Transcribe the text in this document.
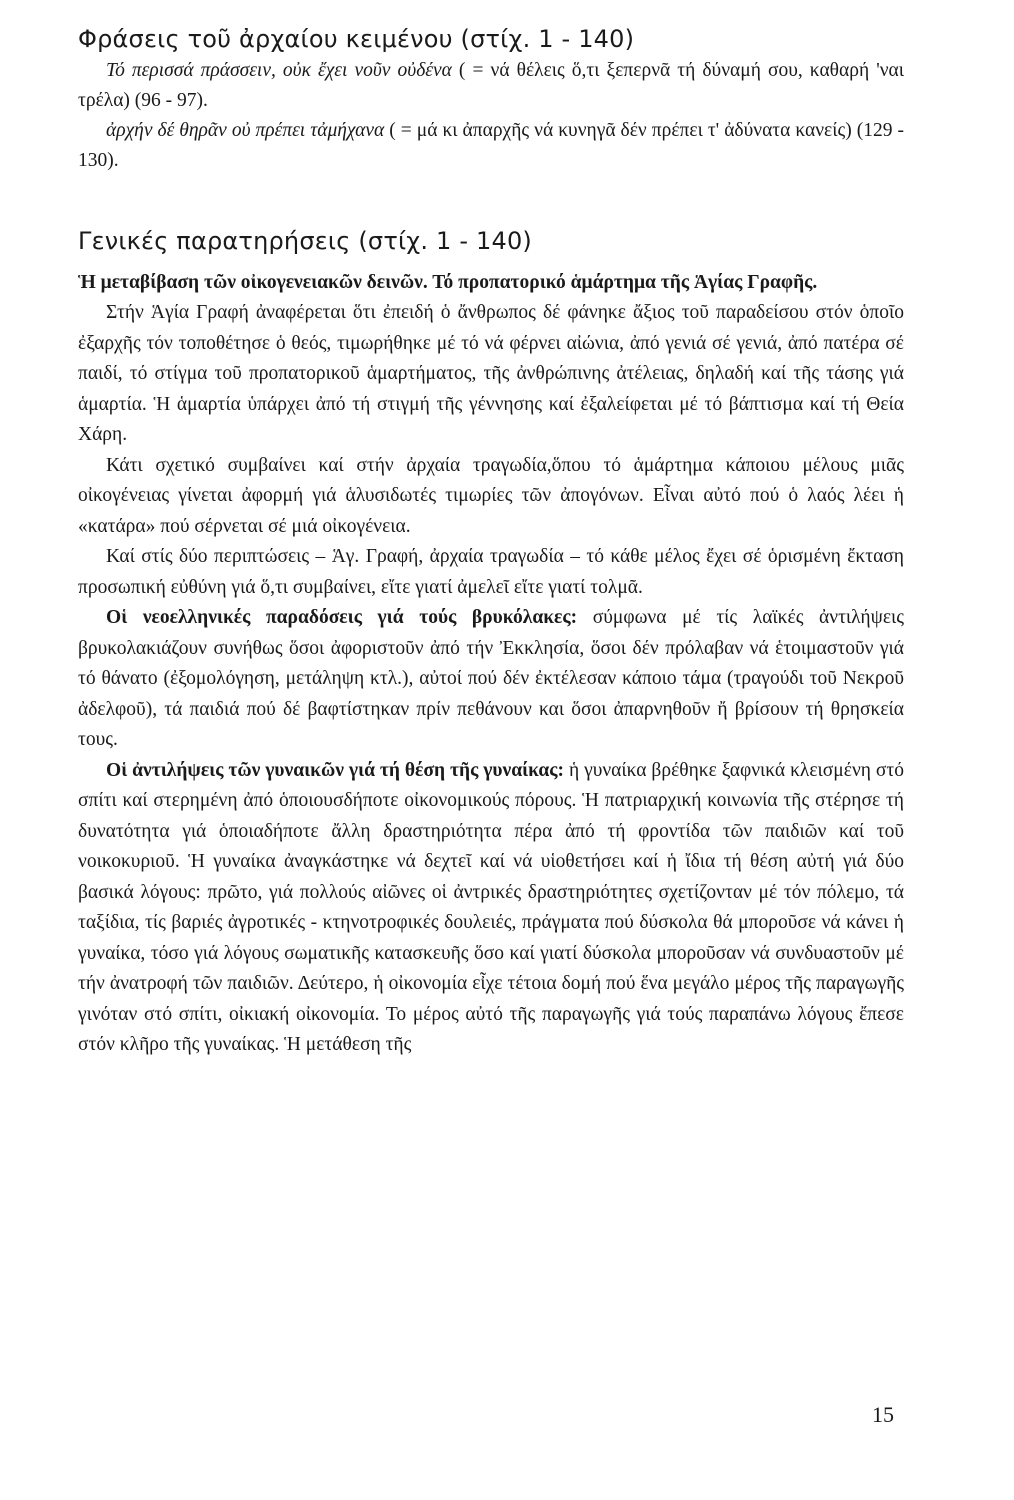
Φράσεις τοῦ ἀρχαίου κειμένου (στίχ. 1 - 140)

Τό περισσά πράσσειν, οὐκ ἔχει νοῦν οὐδένα ( = νά θέλεις ὅ,τι ξεπερνᾶ τή δύναμή σου, καθαρή 'ναι τρέλα) (96 - 97).

ἀρχήν δέ θηρᾶν οὐ πρέπει τἀμήχανα ( = μά κι ἀπαρχῆς νά κυνηγᾶ δέν πρέπει τ' ἀδύνατα κανείς) (129 - 130).

Γενικές παρατηρήσεις (στίχ. 1 - 140)

Ἡ μεταβίβαση τῶν οἰκογενειακῶν δεινῶν. Τό προπατορικό ἁμάρτημα τῆς Ἁγίας Γραφῆς.

Στήν Ἁγία Γραφή ἀναφέρεται ὅτι ἐπειδή ὁ ἄνθρωπος δέ φάνηκε ἄξιος τοῦ παραδείσου στόν ὁποῖο ἐξαρχῆς τόν τοποθέτησε ὁ θεός, τιμωρήθηκε μέ τό νά φέρνει αἰώνια, ἀπό γενιά σέ γενιά, ἀπό πατέρα σέ παιδί, τό στίγμα τοῦ προπατορικοῦ ἁμαρτήματος, τῆς ἀνθρώπινης ἀτέλειας, δηλαδή καί τῆς τάσης γιά ἁμαρτία. Ἡ ἁμαρτία ὑπάρχει ἀπό τή στιγμή τῆς γέννησης καί ἐξαλείφεται μέ τό βάπτισμα καί τή Θεία Χάρη.

Κάτι σχετικό συμβαίνει καί στήν ἀρχαία τραγωδία,ὅπου τό ἁμάρτημα κάποιου μέλους μιᾶς οἰκογένειας γίνεται ἀφορμή γιά ἁλυσιδωτές τιμωρίες τῶν ἀπογόνων. Εἶναι αὐτό πού ὁ λαός λέει ἡ «κατάρα» πού σέρνεται σέ μιά οἰκογένεια.

Καί στίς δύο περιπτώσεις – Ἁγ. Γραφή, ἀρχαία τραγωδία – τό κάθε μέλος ἔχει σέ ὁρισμένη ἔκταση προσωπική εὐθύνη γιά ὅ,τι συμβαίνει, εἴτε γιατί ἀμελεῖ εἴτε γιατί τολμᾶ.

Οἱ νεοελληνικές παραδόσεις γιά τούς βρυκόλακες: σύμφωνα μέ τίς λαϊκές ἀντιλήψεις βρυκολακιάζουν συνήθως ὅσοι ἀφοριστοῦν ἀπό τήν Ἐκκλησία, ὅσοι δέν πρόλαβαν νά ἑτοιμαστοῦν γιά τό θάνατο (ἐξομολόγηση, μετάληψη κτλ.), αὐτοί πού δέν ἐκτέλεσαν κάποιο τάμα (τραγούδι τοῦ Νεκροῦ ἀδελφοῦ), τά παιδιά πού δέ βαφτίστηκαν πρίν πεθάνουν και ὅσοι ἀπαρνηθοῦν ἤ βρίσουν τή θρησκεία τους.

Οἱ ἀντιλήψεις τῶν γυναικῶν γιά τή θέση τῆς γυναίκας: ἡ γυναίκα βρέθηκε ξαφνικά κλεισμένη στό σπίτι καί στερημένη ἀπό ὁποιουσδήποτε οἰκονομικούς πόρους. Ἡ πατριαρχική κοινωνία τῆς στέρησε τή δυνατότητα γιά ὁποιαδήποτε ἄλλη δραστηριότητα πέρα ἀπό τή φροντίδα τῶν παιδιῶν καί τοῦ νοικοκυριοῦ. Ἡ γυναίκα ἀναγκάστηκε νά δεχτεῖ καί νά υἱοθετήσει καί ἡ ἴδια τή θέση αὐτή γιά δύο βασικά λόγους: πρῶτο, γιά πολλούς αἰῶνες οἱ ἀντρικές δραστηριότητες σχετίζονταν μέ τόν πόλεμο, τά ταξίδια, τίς βαριές ἀγροτικές - κτηνοτροφικές δουλειές, πράγματα πού δύσκολα θά μποροῦσε νά κάνει ἡ γυναίκα, τόσο γιά λόγους σωματικῆς κατασκευῆς ὅσο καί γιατί δύσκολα μποροῦσαν νά συνδυαστοῦν μέ τήν ἀνατροφή τῶν παιδιῶν. Δεύτερο, ἡ οἰκονομία εἶχε τέτοια δομή πού ἕνα μεγάλο μέρος τῆς παραγωγῆς γινόταν στό σπίτι, οἰκιακή οἰκονομία. Το μέρος αὐτό τῆς παραγωγῆς γιά τούς παραπάνω λόγους ἔπεσε στόν κλῆρο τῆς γυναίκας. Ἡ μετάθεση τῆς

15
